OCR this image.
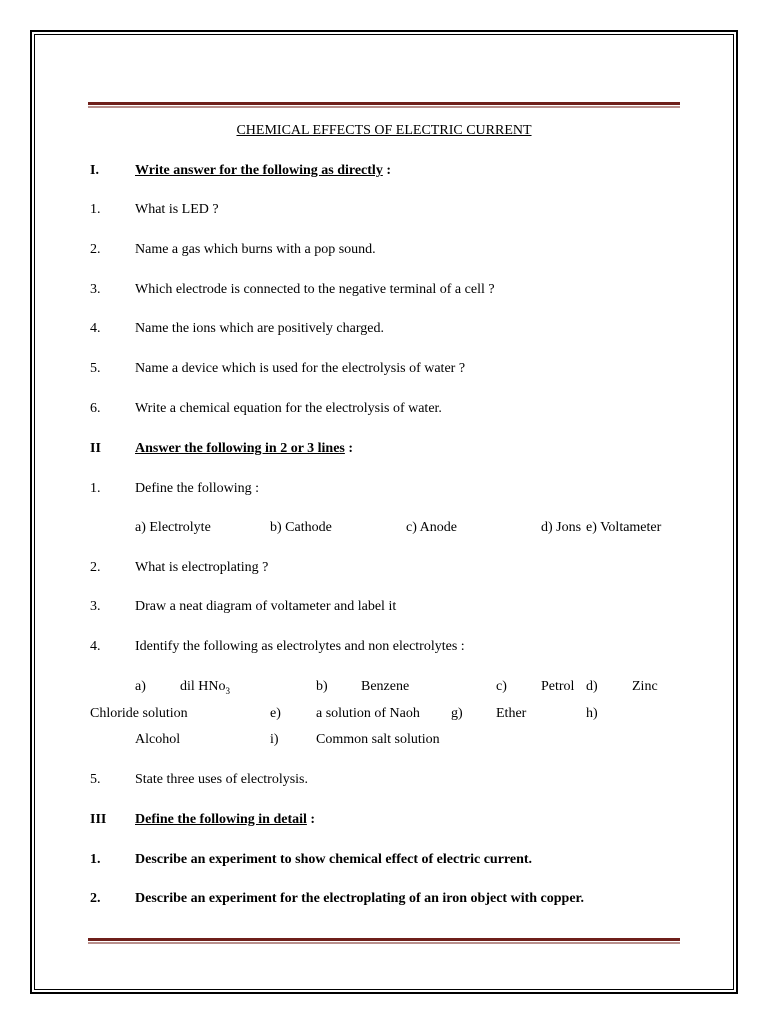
CHEMICAL EFFECTS OF ELECTRIC CURRENT
I.	Write answer for the following as directly :
1. What is LED ?
2. Name a gas which burns with a pop sound.
3. Which electrode is connected to the negative terminal of a cell ?
4. Name the ions which are positively charged.
5. Name a device which is used for the electrolysis of water ?
6. Write a chemical equation for the electrolysis of water.
II Answer the following in 2 or 3 lines :
1. Define the following :
a) Electrolyte	b) Cathode	c) Anode	d) Jons e) Voltameter
2. What is electroplating ?
3. Draw a neat diagram of voltameter and label it
4. Identify the following as electrolytes and non electrolytes :
a) dil HNo$_3$	b) Benzene	c) Petrol d) Zinc
Chloride solution	e)	a solution of Naoh g) Ether	h)
Alcohol	i)	Common salt solution
5. State three uses of electrolysis.
III Define the following in detail :
1. Describe an experiment to show chemical effect of electric current.
2. Describe an experiment for the electroplating of an iron object with copper.
